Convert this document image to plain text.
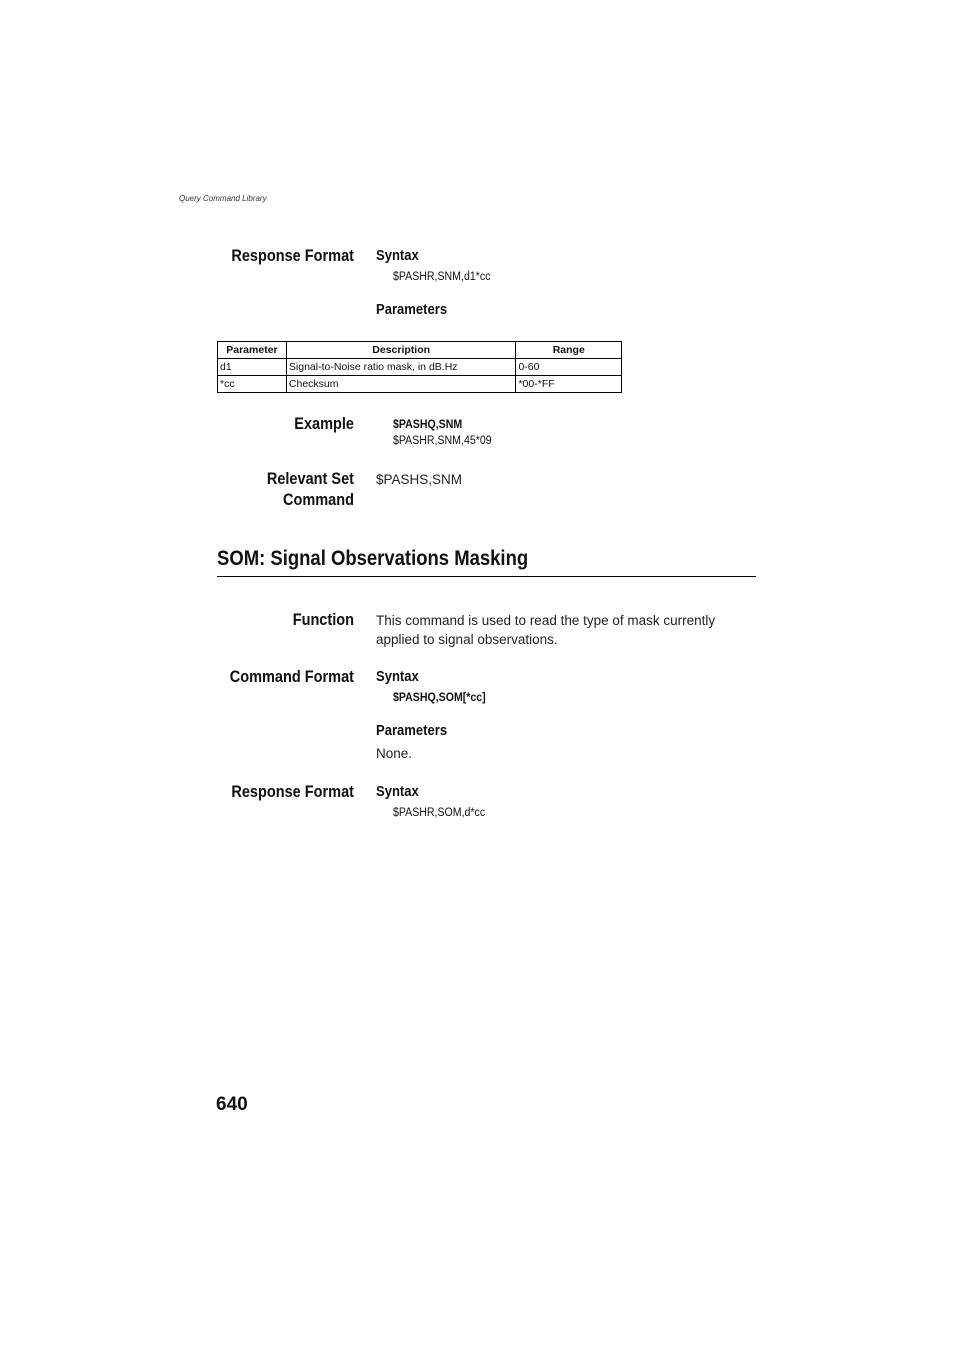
Query Command Library
Response Format Syntax
$PASHR,SNM,d1*cc
Parameters
Parameter	Description	Range
d1	Signal-to-Noise ratio mask, in dB.Hz	0-60
*cc	Checksum	*00-*FF
Example	$PASHQ,SNM
$PASHR,SNM,45*09
Relevant Set
Command
$PASHS,SNM
SOM: Signal Observations Masking
Function This command is used to read the type of mask currently applied to signal observations.
Command Format Syntax
$PASHQ,SOM[*cc]
Parameters
None.
Response Format Syntax
$PASHR,SOM,d*cc
640
